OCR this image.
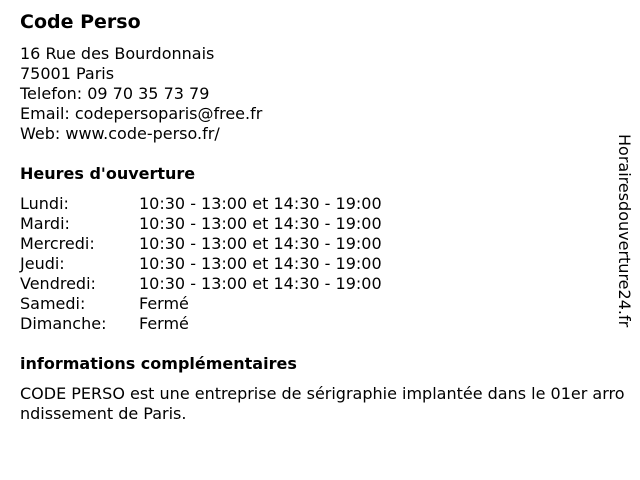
Code Perso
16 Rue des Bourdonnais
75001 Paris
Telefon: 09 70 35 73 79
Email: codepersoparis@free.fr
Web: www.code-perso.fr/
Heures d'ouverture
Lundi:	10:30 - 13:00 et 14:30 - 19:00
Mardi:	10:30 - 13:00 et 14:30 - 19:00
Mercredi:	10:30 - 13:00 et 14:30 - 19:00
Jeudi:	10:30 - 13:00 et 14:30 - 19:00
Vendredi:	10:30 - 13:00 et 14:30 - 19:00
Samedi:	Fermé
Dimanche: Fermé
informations complémentaires
CODE PERSO est une entreprise de sérigraphie implantée dans le 01er arrondissement de Paris.
Horairesdouverture24.fr
